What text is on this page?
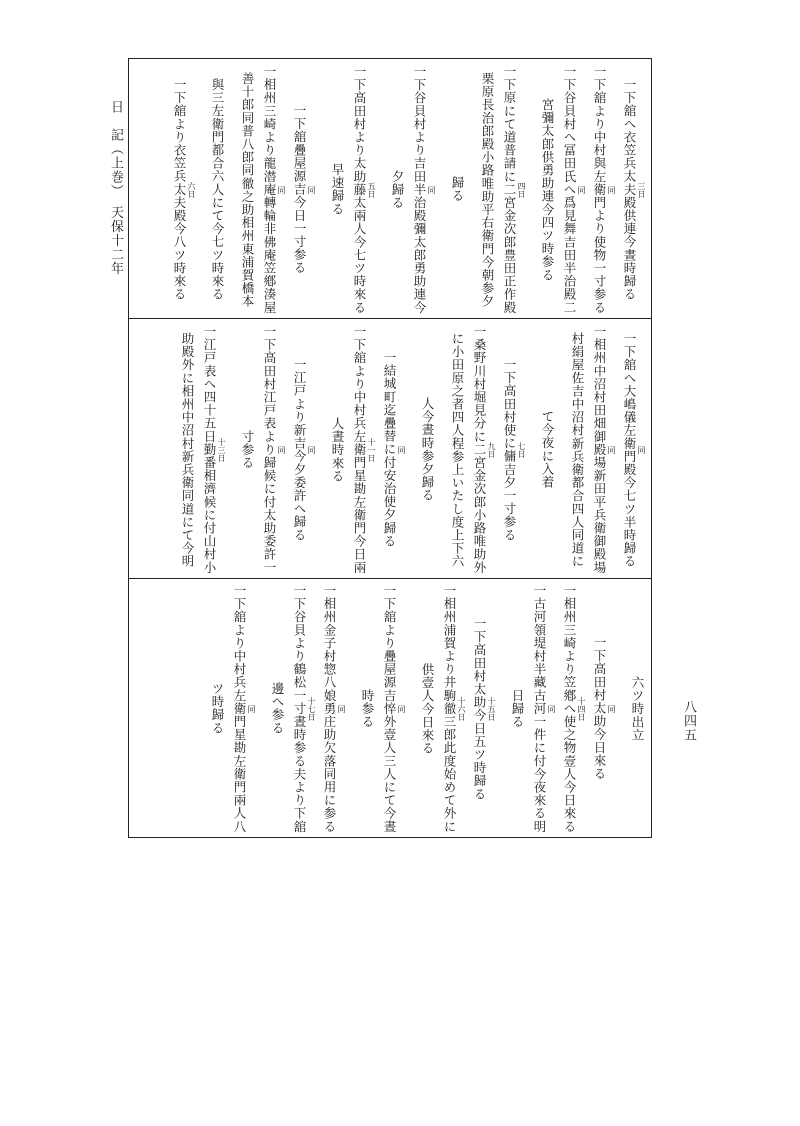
日　記（上巻）　天保十二年
八四五
三日
一下舘へ衣笠兵太夫殿供連今晝時歸る
同
一下舘より中村與左衛門より使物一寸参る
同
一下谷貝村へ冨田氏へ爲見舞吉田半治殿二
宮彌太郎供勇助連今四ツ時参る
四日
一下原にて道普請に二宮金次郎豊田正作殿
栗原長治郎殿小路唯助平右衛門今朝参夕
歸る
同
一下谷貝村より吉田半治殿彌太郎勇助連今
夕歸る
五日
一下高田村より太助藤太兩人今七ツ時來る
早速歸る
同
一下舘疊屋源吉今日一寸参る
同
一相州三崎より龍潜庵轉輪非佛庵笠鄕湊屋
善十郎同普八郎同徹之助相州東浦賀橋本
與三左衛門都合六人にて今七ツ時來る
六日
一下舘より衣笠兵太夫殿今八ツ時來る
同
一下舘へ大嶋儀左衛門殿今七ツ半時歸る
同
一相州中沼村田畑御殿場新田平兵衛御殿場
村絹屋佐吉中沼村新兵衛都合四人同道に
て今夜に入着
七日
一下高田村使に傭吉夕一寸参る
九日
一桑野川村堀見分に二宮金次郎小路唯助外
に小田原之者四人程参上いたし度上下六
人今晝時参夕歸る
同
一結城町迄疊替に付安治使夕歸る
十一日
一下舘より中村兵左衛門星勘左衛門今日兩
人晝時來る
同
一江戸より新吉今夕委許へ歸る
同
一下高田村江戸表より歸候に付太助委許一
寸参る
十三日
一江戸表へ四十五日勤番相濟候に付山村小
助殿外に相州中沼村新兵衛同道にて今明
六ツ時出立
同
一下高田村太助今日來る
十四日
一相州三崎より笠鄕へ使之物壹人今日來る
同
一古河領堤村半藏古河一件に付今夜來る明
日歸る
十五日
一下高田村太助今日五ツ時歸る
十六日
一相州浦賀より井駒徹三郎此度始めて外に
供壹人今日來る
同
一下舘より疊屋源吉悴外壹人三人にて今晝
時参る
同
一相州金子村惣八娘勇庄助欠落同用に参る
十七日
一下谷貝より鶴松一寸晝時参る夫より下舘
邊へ参る
同
一下舘より中村兵左衛門星勘左衛門兩人八
ツ時歸る
